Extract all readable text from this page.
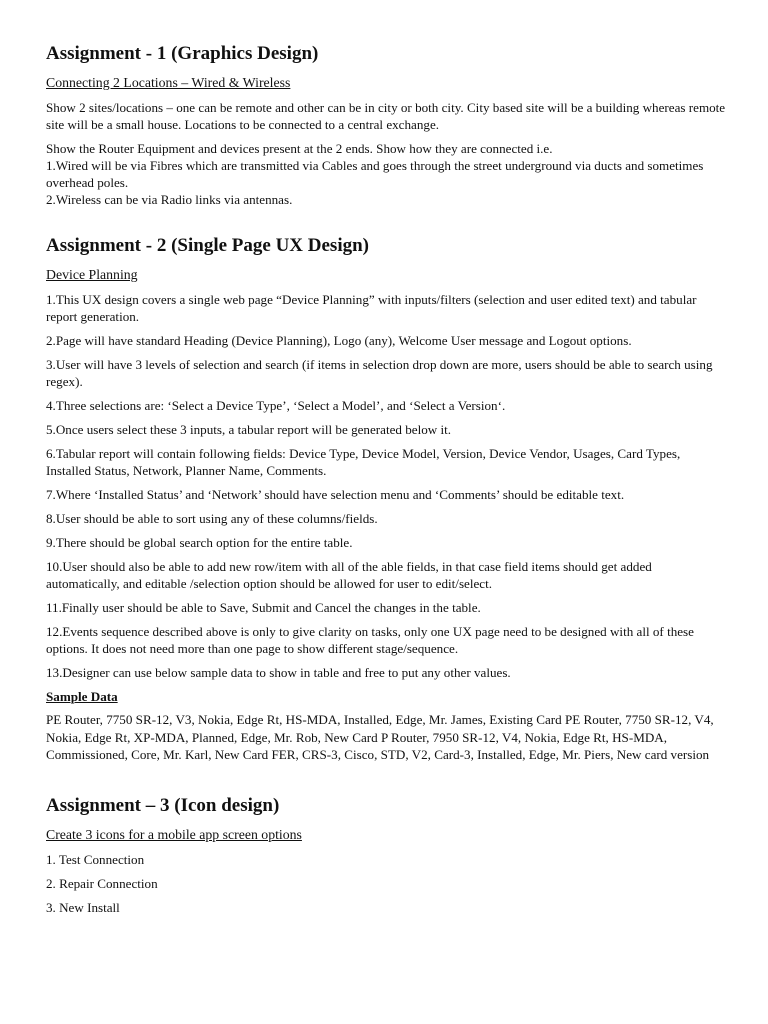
Assignment - 1 (Graphics Design)
Connecting 2 Locations – Wired & Wireless

Show 2 sites/locations – one can be remote and other can be in city or both city. City based site will be a building whereas remote site will be a small house. Locations to be connected to a central exchange.

Show the Router Equipment and devices present at the 2 ends. Show how they are connected i.e.

1.Wired will be via Fibres which are transmitted via Cables and goes through the street underground via ducts and sometimes overhead poles.

2.Wireless can be via Radio links via antennas.

Assignment - 2 (Single Page UX Design)
Device Planning

1.This UX design covers a single web page “Device Planning” with inputs/filters (selection and user edited text) and tabular report generation.

2.Page will have standard Heading (Device Planning), Logo (any), Welcome User message and Logout options.

3.User will have 3 levels of selection and search (if items in selection drop down are more, users should be able to search using regex).

4.Three selections are: ‘Select a Device Type’, ‘Select a Model’, and ‘Select a Version‘.

5.Once users select these 3 inputs, a tabular report will be generated below it.

6.Tabular report will contain following fields: Device Type, Device Model, Version, Device Vendor, Usages, Card Types, Installed Status, Network, Planner Name, Comments.

7.Where ‘Installed Status’ and ‘Network’ should have selection menu and ‘Comments’ should be editable text.

8.User should be able to sort using any of these columns/fields.

9.There should be global search option for the entire table.

10.User should also be able to add new row/item with all of the able fields, in that case field items should get added automatically, and editable /selection option should be allowed for user to edit/select.

11.Finally user should be able to Save, Submit and Cancel the changes in the table.

12.Events sequence described above is only to give clarity on tasks, only one UX page need to be designed with all of these options. It does not need more than one page to show different stage/sequence.

13.Designer can use below sample data to show in table and free to put any other values.

Sample Data

PE Router, 7750 SR-12, V3, Nokia, Edge Rt, HS-MDA, Installed, Edge, Mr. James, Existing Card PE Router, 7750 SR-12, V4, Nokia, Edge Rt, XP-MDA, Planned, Edge, Mr. Rob, New Card P Router, 7950 SR-12, V4, Nokia, Edge Rt, HS-MDA, Commissioned, Core, Mr. Karl, New Card FER, CRS-3, Cisco, STD, V2, Card-3, Installed, Edge, Mr. Piers, New card version

Assignment – 3 (Icon design)
Create 3 icons for a mobile app screen options

1. Test Connection

2. Repair Connection

3. New Install
